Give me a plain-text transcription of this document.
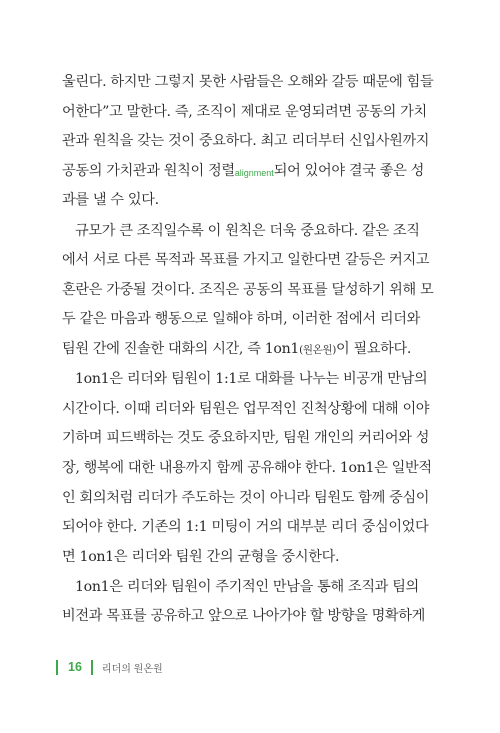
울린다. 하지만 그렇지 못한 사람들은 오해와 갈등 때문에 힘들
어한다”고 말한다. 즉, 조직이 제대로 운영되려면 공동의 가치
관과 원칙을 갖는 것이 중요하다. 최고 리더부터 신입사원까지
공동의 가치관과 원칙이 정렬alignment되어 있어야 결국 좋은 성
과를 낼 수 있다.
규모가 큰 조직일수록 이 원칙은 더욱 중요하다. 같은 조직
에서 서로 다른 목적과 목표를 가지고 일한다면 갈등은 커지고
혼란은 가중될 것이다. 조직은 공동의 목표를 달성하기 위해 모
두 같은 마음과 행동으로 일해야 하며, 이러한 점에서 리더와
팀원 간에 진솔한 대화의 시간, 즉 1on1(원온원)이 필요하다.
1on1은 리더와 팀원이 1:1로 대화를 나누는 비공개 만남의
시간이다. 이때 리더와 팀원은 업무적인 진척상황에 대해 이야
기하며 피드백하는 것도 중요하지만, 팀원 개인의 커리어와 성
장, 행복에 대한 내용까지 함께 공유해야 한다. 1on1은 일반적
인 회의처럼 리더가 주도하는 것이 아니라 팀원도 함께 중심이
되어야 한다. 기존의 1:1 미팅이 거의 대부분 리더 중심이었다
면 1on1은 리더와 팀원 간의 균형을 중시한다.
1on1은 리더와 팀원이 주기적인 만남을 통해 조직과 팀의
비전과 목표를 공유하고 앞으로 나아가야 할 방향을 명확하게
16 리더의 원온원
